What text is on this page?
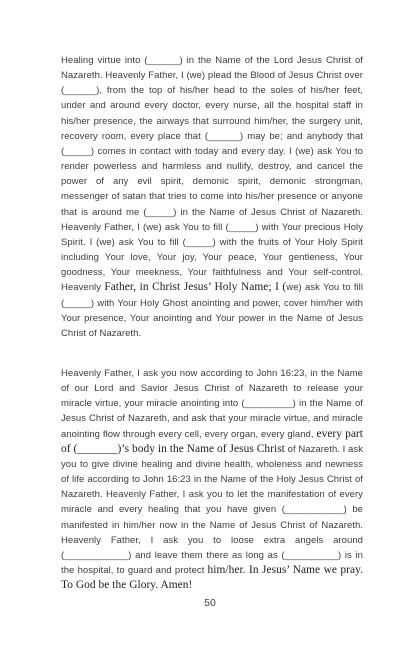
Healing virtue into (______) in the Name of the Lord Jesus Christ of Nazareth. Heavenly Father, I (we) plead the Blood of Jesus Christ over (______), from the top of his/her head to the soles of his/her feet, under and around every doctor, every nurse, all the hospital staff in his/her presence, the airways that surround him/her, the surgery unit, recovery room, every place that (______) may be; and anybody that (_____) comes in contact with today and every day. I (we) ask You to render powerless and harmless and nullify, destroy, and cancel the power of any evil spirit, demonic spirit, demonic strongman, messenger of satan that tries to come into his/her presence or anyone that is around me (_____) in the Name of Jesus Christ of Nazareth. Heavenly Father, I (we) ask You to fill (_____) with Your precious Holy Spirit. I (we) ask You to fill (_____) with the fruits of Your Holy Spirit including Your love, Your joy, Your peace, Your gentleness, Your goodness, Your meekness, Your faithfulness and Your self-control. Heavenly Father, in Christ Jesus’ Holy Name; I (we) ask You to fill (_____) with Your Holy Ghost anointing and power, cover him/her with Your presence, Your anointing and Your power in the Name of Jesus Christ of Nazareth.
Heavenly Father, I ask you now according to John 16:23, in the Name of our Lord and Savior Jesus Christ of Nazareth to release your miracle virtue, your miracle anointing into (_________) in the Name of Jesus Christ of Nazareth, and ask that your miracle virtue, and miracle anointing flow through every cell, every organ, every gland, every part of (_______)’s body in the Name of Jesus Christ of Nazareth. I ask you to give divine healing and divine health, wholeness and newness of life according to John 16:23 in the Name of the Holy Jesus Christ of Nazareth. Heavenly Father, I ask you to let the manifestation of every miracle and every healing that you have given (___________) be manifested in him/her now in the Name of Jesus Christ of Nazareth. Heavenly Father, I ask you to loose extra angels around (____________) and leave them there as long as (__________) is in the hospital, to guard and protect him/her. In Jesus’ Name we pray. To God be the Glory. Amen!
50
